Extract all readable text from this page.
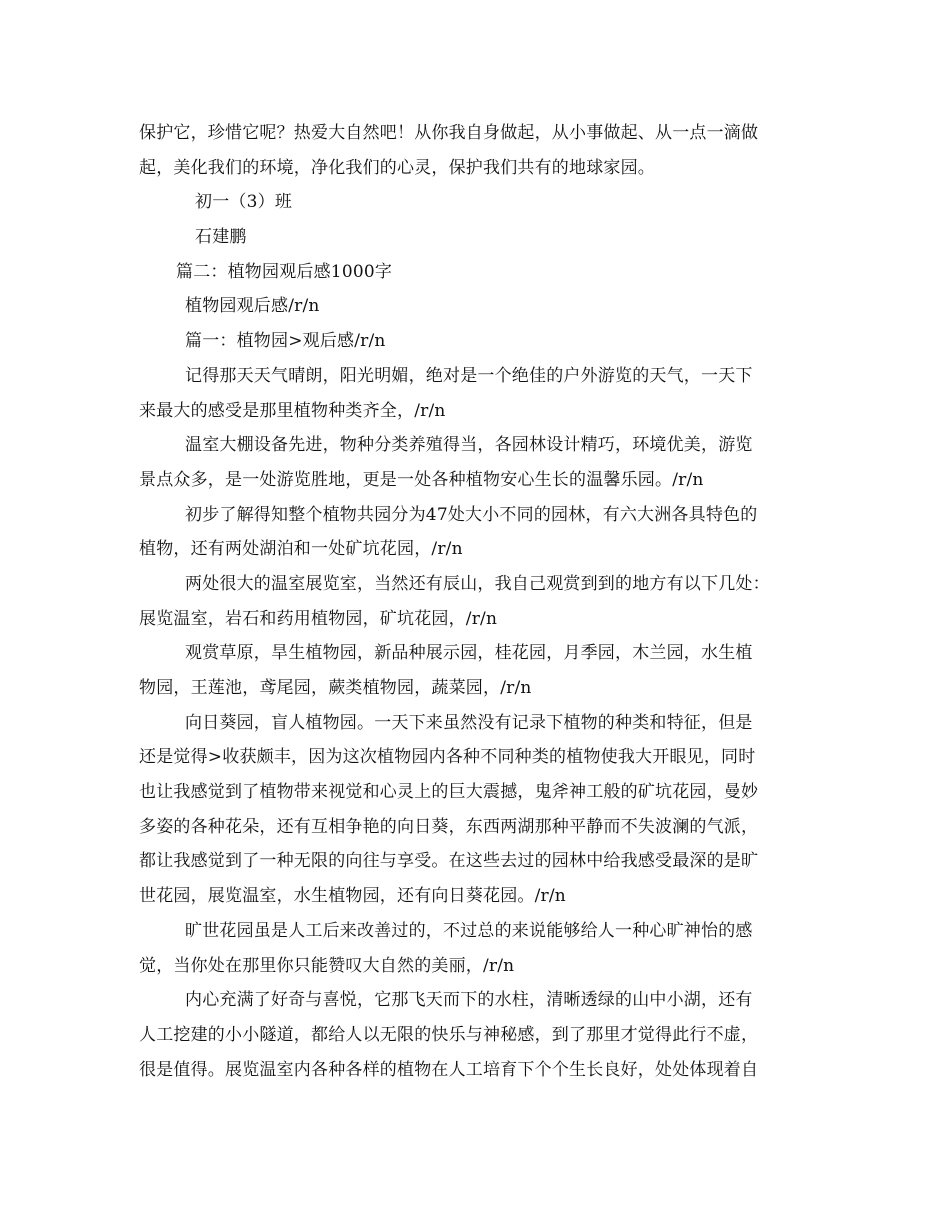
保护它，珍惜它呢？热爱大自然吧！从你我自身做起，从小事做起、从一点一滴做
起，美化我们的环境，净化我们的心灵，保护我们共有的地球家园。
初一（3）班
石建鹏
篇二：植物园观后感1000字
植物园观后感/r/n
篇一：植物园>观后感/r/n
记得那天天气晴朗，阳光明媚，绝对是一个绝佳的户外游览的天气，一天下
来最大的感受是那里植物种类齐全，/r/n
温室大棚设备先进，物种分类养殖得当，各园林设计精巧，环境优美，游览
景点众多，是一处游览胜地，更是一处各种植物安心生长的温馨乐园。/r/n
初步了解得知整个植物共园分为47处大小不同的园林，有六大洲各具特色的
植物，还有两处湖泊和一处矿坑花园，/r/n
两处很大的温室展览室，当然还有辰山，我自己观赏到到的地方有以下几处：
展览温室，岩石和药用植物园，矿坑花园，/r/n
观赏草原，旱生植物园，新品种展示园，桂花园，月季园，木兰园，水生植
物园，王莲池，鸢尾园，蕨类植物园，蔬菜园，/r/n
向日葵园，盲人植物园。一天下来虽然没有记录下植物的种类和特征，但是
还是觉得>收获颇丰，因为这次植物园内各种不同种类的植物使我大开眼见，同时
也让我感觉到了植物带来视觉和心灵上的巨大震撼，鬼斧神工般的矿坑花园，曼妙
多姿的各种花朵，还有互相争艳的向日葵，东西两湖那种平静而不失波澜的气派，
都让我感觉到了一种无限的向往与享受。在这些去过的园林中给我感受最深的是旷
世花园，展览温室，水生植物园，还有向日葵花园。/r/n
旷世花园虽是人工后来改善过的，不过总的来说能够给人一种心旷神怡的感
觉，当你处在那里你只能赞叹大自然的美丽，/r/n
内心充满了好奇与喜悦，它那飞天而下的水柱，清晰透绿的山中小湖，还有
人工挖建的小小隧道，都给人以无限的快乐与神秘感，到了那里才觉得此行不虚，
很是值得。展览温室内各种各样的植物在人工培育下个个生长良好，处处体现着自
